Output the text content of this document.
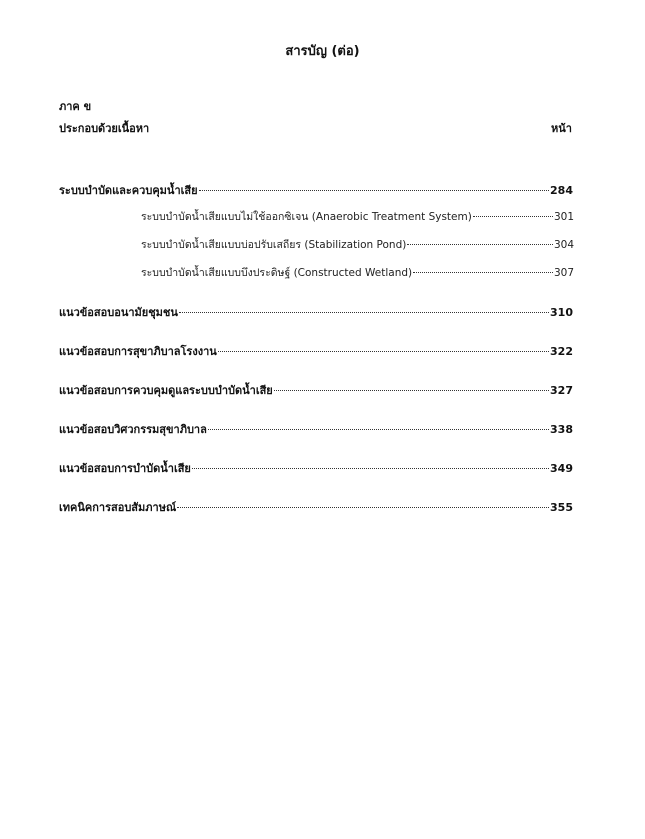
สารบัญ (ต่อ)
ภาค ข
ประกอบด้วยเนื้อหา	หน้า
ระบบบำบัดและควบคุมน้ำเสีย	284
ระบบบำบัดน้ำเสียแบบไม่ใช้ออกซิเจน (Anaerobic Treatment System)	301
ระบบบำบัดน้ำเสียแบบบ่อปรับเสถียร (Stabilization Pond)	304
ระบบบำบัดน้ำเสียแบบบึงประดิษฐ์ (Constructed Wetland)	307
แนวข้อสอบอนามัยชุมชน	310
แนวข้อสอบการสุขาภิบาลโรงงาน	322
แนวข้อสอบการควบคุมดูแลระบบบำบัดน้ำเสีย	327
แนวข้อสอบวิศวกรรมสุขาภิบาล	338
แนวข้อสอบการบำบัดน้ำเสีย	349
เทคนิคการสอบสัมภาษณ์	355
